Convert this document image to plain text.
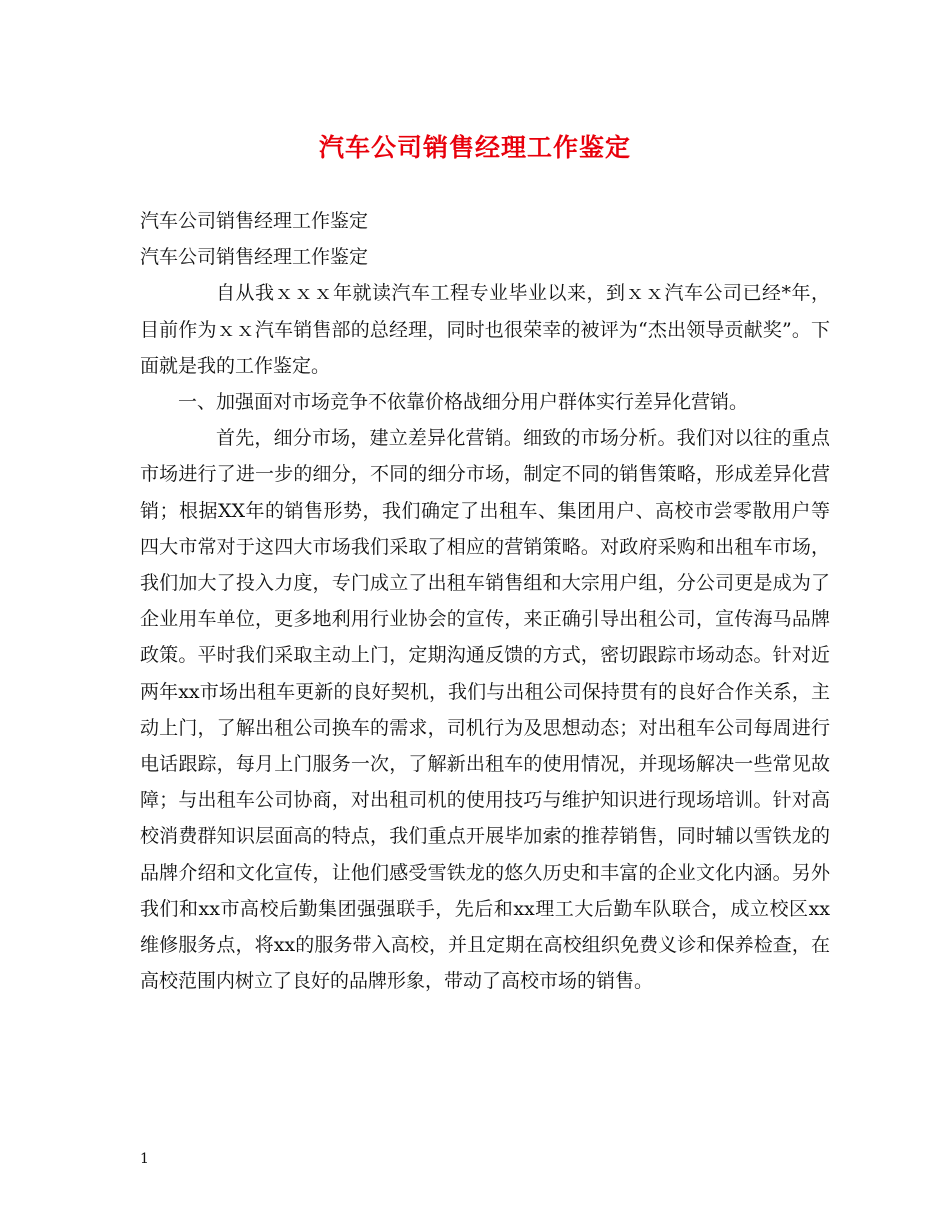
汽车公司销售经理工作鉴定

汽车公司销售经理工作鉴定

汽车公司销售经理工作鉴定

自从我ｘｘｘ年就读汽车工程专业毕业以来，到ｘｘ汽车公司已经*年，目前作为ｘｘ汽车销售部的总经理，同时也很荣幸的被评为“杰出领导贡献奖”。下面就是我的工作鉴定。

一、加强面对市场竞争不依靠价格战细分用户群体实行差异化营销。

首先，细分市场，建立差异化营销。细致的市场分析。我们对以往的重点市场进行了进一步的细分，不同的细分市场，制定不同的销售策略，形成差异化营销；根据XX年的销售形势，我们确定了出租车、集团用户、高校市尝零散用户等四大市常对于这四大市场我们采取了相应的营销策略。对政府采购和出租车市场，我们加大了投入力度，专门成立了出租车销售组和大宗用户组，分公司更是成为了企业用车单位，更多地利用行业协会的宣传，来正确引导出租公司，宣传海马品牌政策。平时我们采取主动上门，定期沟通反馈的方式，密切跟踪市场动态。针对近两年xx市场出租车更新的良好契机，我们与出租公司保持贯有的良好合作关系，主动上门，了解出租公司换车的需求，司机行为及思想动态；对出租车公司每周进行电话跟踪，每月上门服务一次，了解新出租车的使用情况，并现场解决一些常见故障；与出租车公司协商，对出租司机的使用技巧与维护知识进行现场培训。针对高校消费群知识层面高的特点，我们重点开展毕加索的推荐销售，同时辅以雪铁龙的品牌介绍和文化宣传，让他们感受雪铁龙的悠久历史和丰富的企业文化内涵。另外我们和xx市高校后勤集团强强联手，先后和xx理工大后勤车队联合，成立校区xx维修服务点，将xx的服务带入高校，并且定期在高校组织免费义诊和保养检查，在高校范围内树立了良好的品牌形象，带动了高校市场的销售。

1
